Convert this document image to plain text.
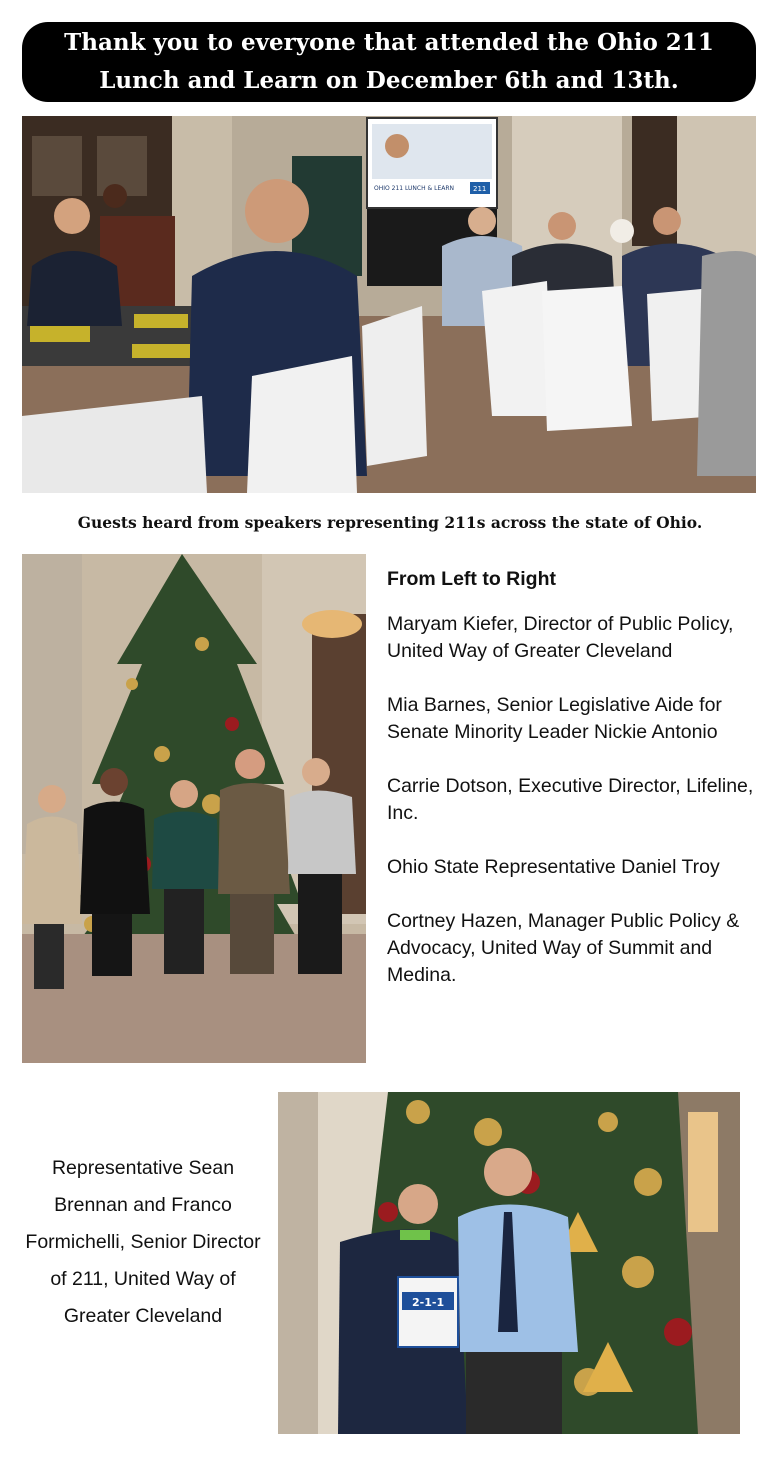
Thank you to everyone that attended the Ohio 211
Lunch and Learn on December 6th and 13th.
OHIO 211 LUNCH & LEARN	211
Guests heard from speakers representing 211s across the state of Ohio.
From Left to Right

Maryam Kiefer, Director of Public Policy, United Way of Greater Cleveland

Mia Barnes, Senior Legislative Aide for Senate Minority Leader Nickie Antonio

Carrie Dotson, Executive Director, Lifeline, Inc.

Ohio State Representative Daniel Troy

Cortney Hazen, Manager Public Policy & Advocacy, United Way of Summit and Medina.

Representative Sean Brennan and Franco Formichelli, Senior Director of 211, United Way of Greater Cleveland
2-1-1
